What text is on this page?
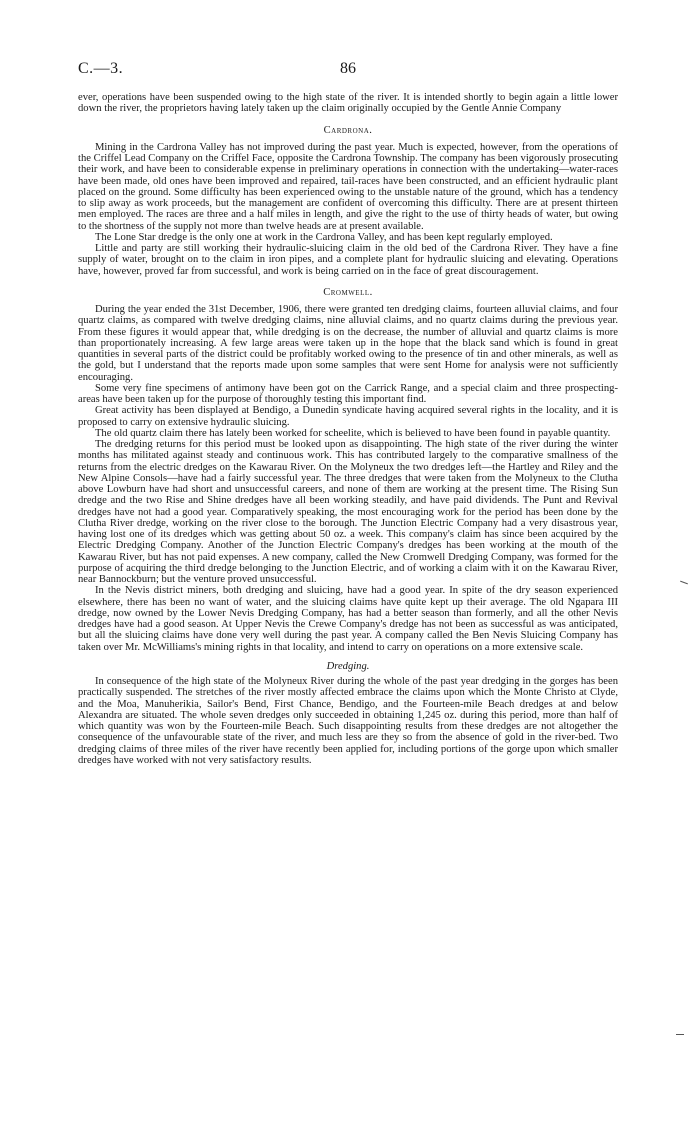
C.—3.	86

ever, operations have been suspended owing to the high state of the river. It is intended shortly to begin again a little lower down the river, the proprietors having lately taken up the claim originally occupied by the Gentle Annie Company

Cardrona.

Mining in the Cardrona Valley has not improved during the past year. Much is expected, however, from the operations of the Criffel Lead Company on the Criffel Face, opposite the Cardrona Township. The company has been vigorously prosecuting their work, and have been to considerable expense in preliminary operations in connection with the undertaking—water-races have been made, old ones have been improved and repaired, tail-races have been constructed, and an efficient hydraulic plant placed on the ground. Some difficulty has been experienced owing to the unstable nature of the ground, which has a tendency to slip away as work proceeds, but the management are confident of overcoming this difficulty. There are at present thirteen men employed. The races are three and a half miles in length, and give the right to the use of thirty heads of water, but owing to the shortness of the supply not more than twelve heads are at present available.

The Lone Star dredge is the only one at work in the Cardrona Valley, and has been kept regularly employed.

Little and party are still working their hydraulic-sluicing claim in the old bed of the Cardrona River. They have a fine supply of water, brought on to the claim in iron pipes, and a complete plant for hydraulic sluicing and elevating. Operations have, however, proved far from successful, and work is being carried on in the face of great discouragement.

Cromwell.

During the year ended the 31st December, 1906, there were granted ten dredging claims, fourteen alluvial claims, and four quartz claims, as compared with twelve dredging claims, nine alluvial claims, and no quartz claims during the previous year. From these figures it would appear that, while dredging is on the decrease, the number of alluvial and quartz claims is more than proportionately increasing. A few large areas were taken up in the hope that the black sand which is found in great quantities in several parts of the district could be profitably worked owing to the presence of tin and other minerals, as well as the gold, but I understand that the reports made upon some samples that were sent Home for analysis were not sufficiently encouraging.

Some very fine specimens of antimony have been got on the Carrick Range, and a special claim and three prospecting-areas have been taken up for the purpose of thoroughly testing this important find.

Great activity has been displayed at Bendigo, a Dunedin syndicate having acquired several rights in the locality, and it is proposed to carry on extensive hydraulic sluicing.

The old quartz claim there has lately been worked for scheelite, which is believed to have been found in payable quantity.

The dredging returns for this period must be looked upon as disappointing. The high state of the river during the winter months has militated against steady and continuous work. This has contributed largely to the comparative smallness of the returns from the electric dredges on the Kawarau River. On the Molyneux the two dredges left—the Hartley and Riley and the New Alpine Consols—have had a fairly successful year. The three dredges that were taken from the Molyneux to the Clutha above Lowburn have had short and unsuccessful careers, and none of them are working at the present time. The Rising Sun dredge and the two Rise and Shine dredges have all been working steadily, and have paid dividends. The Punt and Revival dredges have not had a good year. Comparatively speaking, the most encouraging work for the period has been done by the Clutha River dredge, working on the river close to the borough. The Junction Electric Company had a very disastrous year, having lost one of its dredges which was getting about 50 oz. a week. This company's claim has since been acquired by the Electric Dredging Company. Another of the Junction Electric Company's dredges has been working at the mouth of the Kawarau River, but has not paid expenses. A new company, called the New Cromwell Dredging Company, was formed for the purpose of acquiring the third dredge belonging to the Junction Electric, and of working a claim with it on the Kawarau River, near Bannockburn; but the venture proved unsuccessful.

In the Nevis district miners, both dredging and sluicing, have had a good year. In spite of the dry season experienced elsewhere, there has been no want of water, and the sluicing claims have quite kept up their average. The old Ngapara III dredge, now owned by the Lower Nevis Dredging Company, has had a better season than formerly, and all the other Nevis dredges have had a good season. At Upper Nevis the Crewe Company's dredge has not been as successful as was anticipated, but all the sluicing claims have done very well during the past year. A company called the Ben Nevis Sluicing Company has taken over Mr. McWilliams's mining rights in that locality, and intend to carry on operations on a more extensive scale.

Dredging.

In consequence of the high state of the Molyneux River during the whole of the past year dredging in the gorges has been practically suspended. The stretches of the river mostly affected embrace the claims upon which the Monte Christo at Clyde, and the Moa, Manuherikia, Sailor's Bend, First Chance, Bendigo, and the Fourteen-mile Beach dredges at and below Alexandra are situated. The whole seven dredges only succeeded in obtaining 1,245 oz. during this period, more than half of which quantity was won by the Fourteen-mile Beach. Such disappointing results from these dredges are not altogether the consequence of the unfavourable state of the river, and much less are they so from the absence of gold in the river-bed. Two dredging claims of three miles of the river have recently been applied for, including portions of the gorge upon which smaller dredges have worked with not very satisfactory results.
